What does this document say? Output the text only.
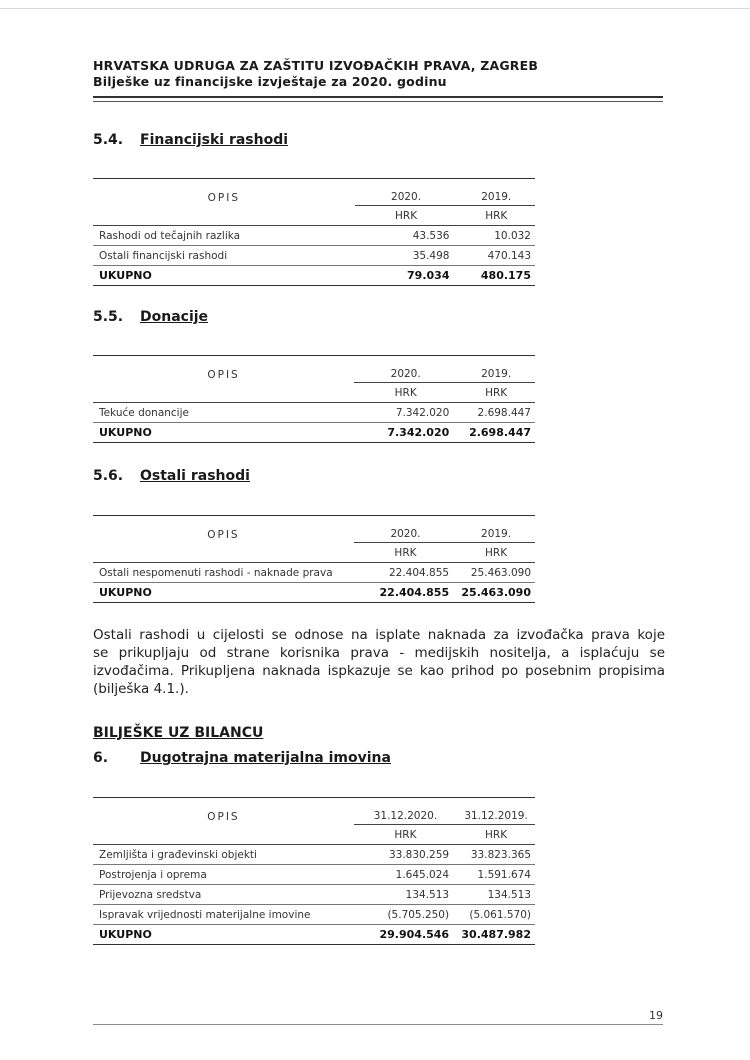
HRVATSKA UDRUGA ZA ZAŠTITU IZVOĐAČKIH PRAVA, ZAGREB
Bilješke uz financijske izvještaje za 2020. godinu
5.4. Financijski rashodi
OPIS	2020.	2019.
	HRK	HRK
Rashodi od tečajnih razlika	43.536	10.032
Ostali financijski rashodi	35.498	470.143
UKUPNO	79.034	480.175
5.5. Donacije
OPIS	2020.	2019.
	HRK	HRK
Tekuće donancije	7.342.020	2.698.447
UKUPNO	7.342.020	2.698.447
5.6. Ostali rashodi
OPIS	2020.	2019.
	HRK	HRK
Ostali nespomenuti rashodi - naknade prava	22.404.855	25.463.090
UKUPNO	22.404.855	25.463.090
Ostali rashodi u cijelosti se odnose na isplate naknada za izvođačka prava koje
se prikupljaju od strane korisnika prava - medijskih nositelja, a isplaćuju se
izvođačima. Prikupljena naknada ispkazuje se kao prihod po posebnim propisima
(bilješka 4.1.).
BILJEŠKE UZ BILANCU
6. Dugotrajna materijalna imovina
OPIS	31.12.2020.	31.12.2019.
	HRK	HRK
Zemljišta i građevinski objekti	33.830.259	33.823.365
Postrojenja i oprema	1.645.024	1.591.674
Prijevozna sredstva	134.513	134.513
Ispravak vrijednosti materijalne imovine	(5.705.250)	(5.061.570)
UKUPNO	29.904.546	30.487.982
19
